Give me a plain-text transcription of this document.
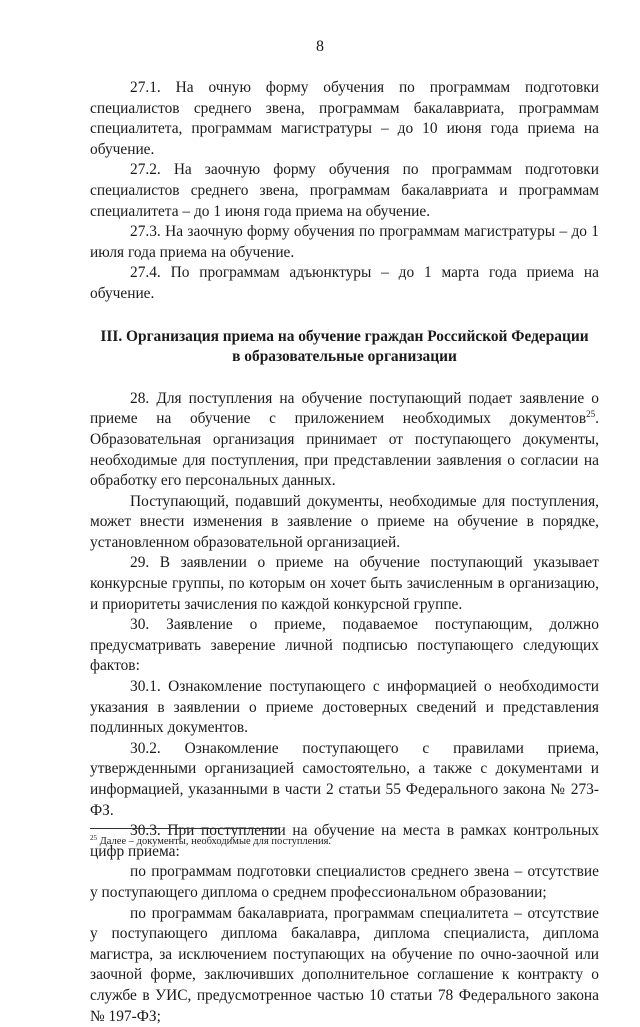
8

27.1. На очную форму обучения по программам подготовки специалистов среднего звена, программам бакалавриата, программам специалитета, программам магистратуры – до 10 июня года приема на обучение.

27.2. На заочную форму обучения по программам подготовки специалистов среднего звена, программам бакалавриата и программам специалитета – до 1 июня года приема на обучение.

27.3. На заочную форму обучения по программам магистратуры – до 1 июля года приема на обучение.

27.4. По программам адъюнктуры – до 1 марта года приема на обучение.

III. Организация приема на обучение граждан Российской Федерации
в образовательные организации

28. Для поступления на обучение поступающий подает заявление о приеме на обучение с приложением необходимых документов$^{25}$. Образовательная организация принимает от поступающего документы, необходимые для поступления, при представлении заявления о согласии на обработку его персональных данных.

Поступающий, подавший документы, необходимые для поступления, может внести изменения в заявление о приеме на обучение в порядке, установленном образовательной организацией.

29. В заявлении о приеме на обучение поступающий указывает конкурсные группы, по которым он хочет быть зачисленным в организацию, и приоритеты зачисления по каждой конкурсной группе.

30. Заявление о приеме, подаваемое поступающим, должно предусматривать заверение личной подписью поступающего следующих фактов:

30.1. Ознакомление поступающего с информацией о необходимости указания в заявлении о приеме достоверных сведений и представления подлинных документов.

30.2. Ознакомление поступающего с правилами приема, утвержденными организацией самостоятельно, а также с документами и информацией, указанными в части 2 статьи 55 Федерального закона № 273-ФЗ.

30.3. При поступлении на обучение на места в рамках контрольных цифр приема:

по программам подготовки специалистов среднего звена – отсутствие у поступающего диплома о среднем профессиональном образовании;

по программам бакалавриата, программам специалитета – отсутствие у поступающего диплома бакалавра, диплома специалиста, диплома магистра, за исключением поступающих на обучение по очно-заочной или заочной форме, заключивших дополнительное соглашение к контракту о службе в УИС, предусмотренное частью 10 статьи 78 Федерального закона № 197-ФЗ;

$^{25}$ Далее – документы, необходимые для поступления.
